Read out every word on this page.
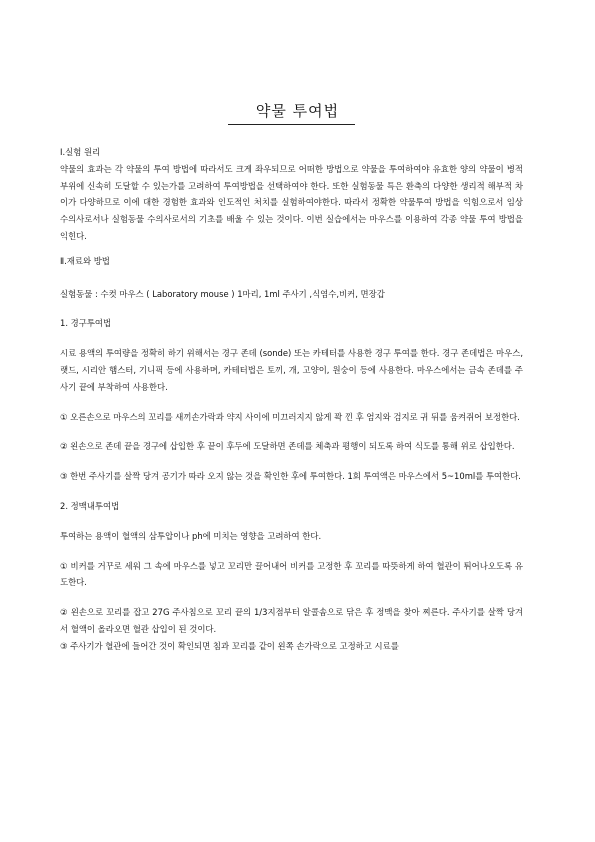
약물 투여법

Ⅰ.실험 원리

약물의 효과는 각 약물의 투여 방법에 따라서도 크게 좌우되므로 어떠한 방법으로 약물을 투여하여야 유효한 양의 약물이 병적 부위에 신속히 도달할 수 있는가를 고려하여 투여방법을 선택하여야 한다. 또한 실험동물 특은 환축의 다양한 생리적 해부적 차이가 다양하므로 이에 대한 경험한 효과와 인도적인 처치를 실험하여야한다. 따라서 정확한 약물투여 방법을 익힘으로서 임상 수의사로서나 실험동물 수의사로서의 기초를 배울 수 있는 것이다. 이번 실습에서는 마우스를 이용하여 각종 약물 투여 방법을 익힌다.

Ⅱ.재료와 방법

실험동물 : 수컷 마우스 ( Laboratory mouse ) 1마리, 1ml 주사기 ,식염수,비커, 면장갑

1. 경구투여법

시료 용액의 투여량을 정확히 하기 위해서는 경구 존데 (sonde) 또는 카테터를 사용한 경구 투여를 한다. 경구 존데법은 마우스, 랫드, 시리안 햄스터, 기니픽 등에 사용하며, 카테터법은 토끼, 개, 고양이, 원숭이 등에 사용한다. 마우스에서는 금속 존데를 주사기 끝에 부착하여 사용한다.

① 오른손으로 마우스의 꼬리를 새끼손가락과 약지 사이에 미끄러지지 않게 꽉 낀 후 엄지와 검지로 귀 뒤를 움켜쥐어 보정한다.

② 왼손으로 존데 끝을 경구에 삽입한 후 끝이 후두에 도달하면 존데를 체축과 평행이 되도록 하여 식도를 통해 위로 삽입한다.

③ 한번 주사기를 살짝 당겨 공기가 따라 오지 않는 것을 확인한 후에 투여한다. 1회 투여액은 마우스에서 5~10ml를 투여한다.

2. 정맥내투여법

투여하는 용액이 혈액의 삼투압이나 ph에 미치는 영향을 고려하여 한다.

① 비커를 거꾸로 세워 그 속에 마우스를 넣고 꼬리만 끌어내어 비커를 고정한 후 꼬리를 따뜻하게 하여 혈관이 튀어나오도록 유도한다.

② 왼손으로 꼬리를 잡고 27G 주사침으로 꼬리 끝의 1/3지점부터 알콜솜으로 닦은 후 정맥을 찾아 찌른다. 주사기를 살짝 당겨서 혈액이 올라오면 혈관 삽입이 된 것이다.

③ 주사기가 혈관에 들어간 것이 확인되면 침과 꼬리를 같이 왼쪽 손가락으로 고정하고 시료를
